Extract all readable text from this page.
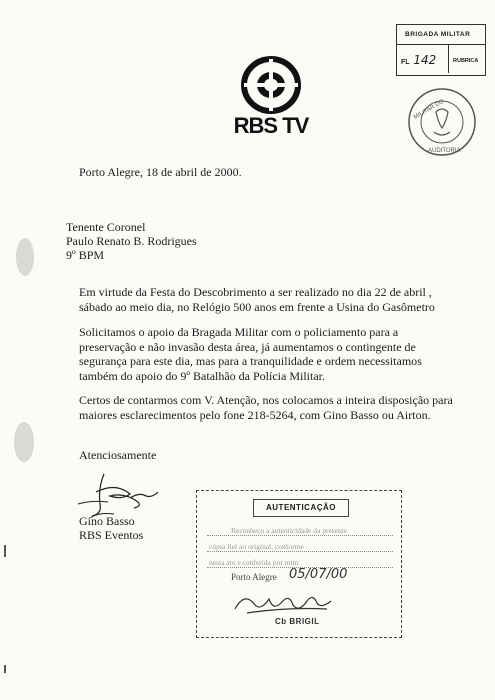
BRIGADA MILITAR
FL 142	RUBRICA
RBS TV
MILITAR DO
AUDITORIA
Porto Alegre, 18 de abril de 2000.
Tenente Coronel
Paulo Renato B. Rodrigues
9º BPM
Em virtude da Festa do Descobrimento a ser realizado no dia 22 de abril ,
sábado ao meio dia, no Relógio 500 anos em frente a Usina do Gasômetro
Solicitamos o apoio da Bragada Militar com o policiamento para a
preservação e não invasão desta área, já aumentamos o contingente de
segurança para este dia, mas para a tranquilidade e ordem necessitamos
também do apoio do 9º Batalhão da Polícia Militar.
Certos de contarmos com V. Atenção, nos colocamos a inteira disposição para
maiores esclarecimentos pelo fone 218-5264, com Gino Basso ou Airton.
Atenciosamente
Gino Basso
RBS Eventos
AUTENTICAÇÃO
Reconheço a autenticidade da presente
cópia fiel ao original, conforme
nesta ato e conferida por mim
Porto Alegre 05/07/00
Cb BRIGIL
